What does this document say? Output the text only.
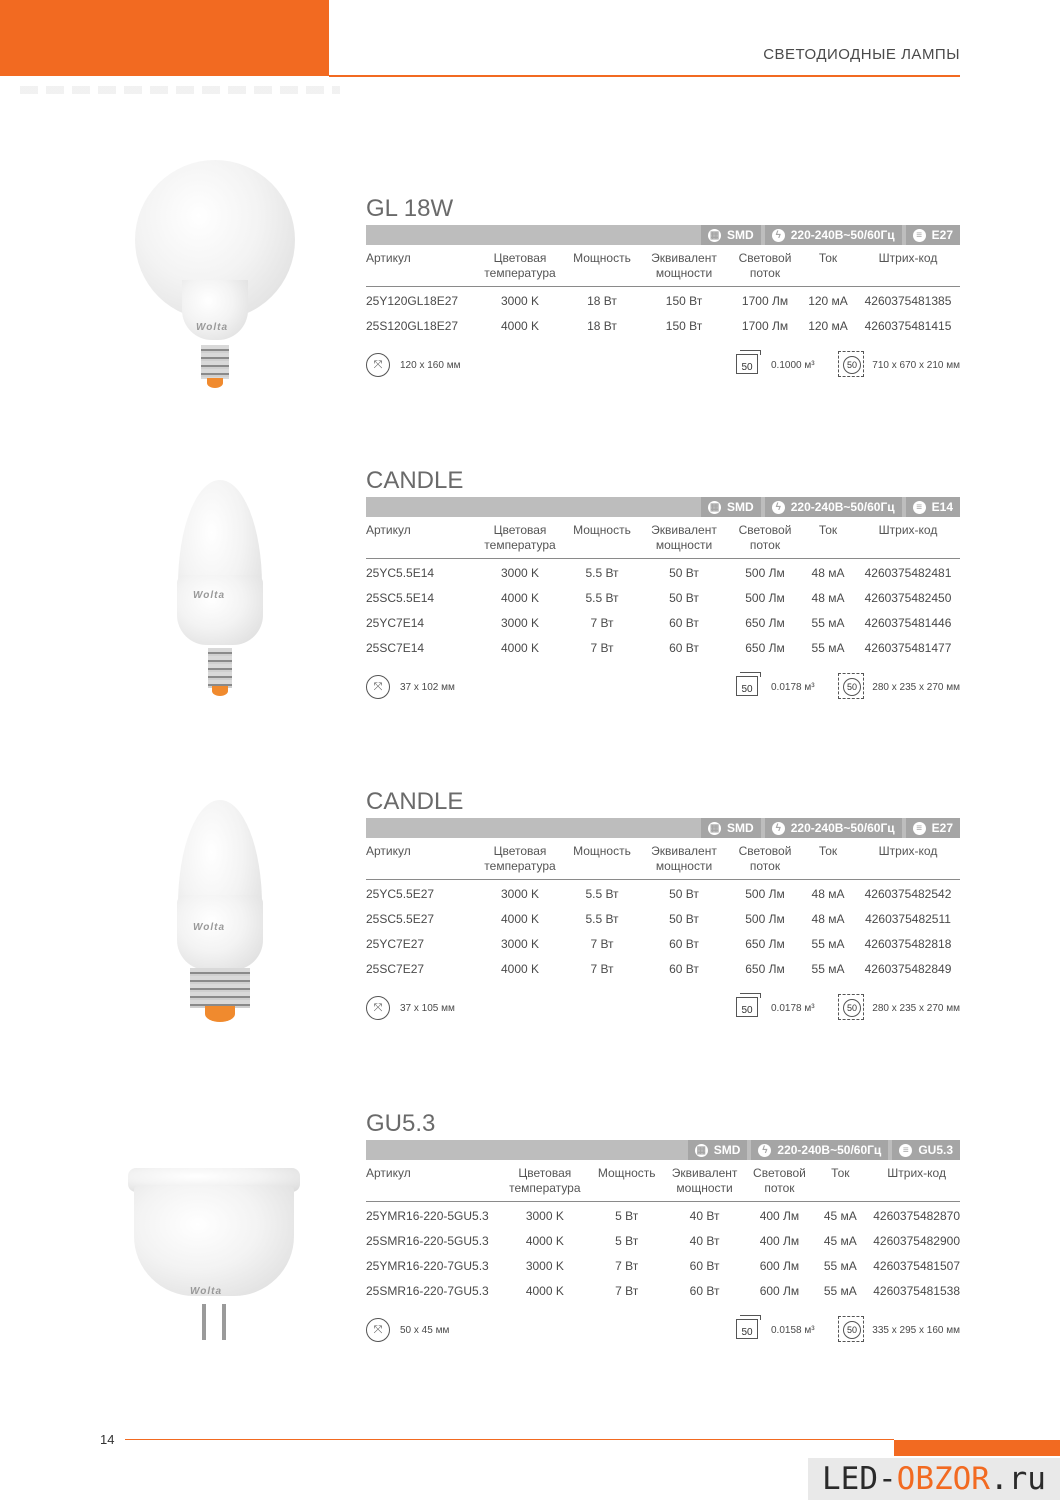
СВЕТОДИОДНЫЕ ЛАМПЫ
Wolta
Wolta
Wolta
Wolta
GL 18W
▦ SMD	ϟ 220-240В~50/60Гц	≡ E27
Артикул	Цветовая температура	Мощность	Эквивалент мощности	Световой поток	Ток	Штрих-код
25Y120GL18E27	3000 K	18 Вт	150 Вт	1700 Лм	120 мА	4260375481385
25S120GL18E27	4000 K	18 Вт	150 Вт	1700 Лм	120 мА	4260375481415
⤧	120 x 160 мм	50	0.1000 м³	50	710 x 670 x 210 мм
CANDLE
▦ SMD	ϟ 220-240В~50/60Гц	≡ E14
Артикул	Цветовая температура	Мощность	Эквивалент мощности	Световой поток	Ток	Штрих-код
25YC5.5E14	3000 K	5.5 Вт	50 Вт	500 Лм	48 мА	4260375482481
25SC5.5E14	4000 K	5.5 Вт	50 Вт	500 Лм	48 мА	4260375482450
25YC7E14	3000 K	7 Вт	60 Вт	650 Лм	55 мА	4260375481446
25SC7E14	4000 K	7 Вт	60 Вт	650 Лм	55 мА	4260375481477
⤧	37 x 102 мм	50	0.0178 м³	50	280 x 235 x 270 мм
CANDLE
▦ SMD	ϟ 220-240В~50/60Гц	≡ E27
Артикул	Цветовая температура	Мощность	Эквивалент мощности	Световой поток	Ток	Штрих-код
25YC5.5E27	3000 K	5.5 Вт	50 Вт	500 Лм	48 мА	4260375482542
25SC5.5E27	4000 K	5.5 Вт	50 Вт	500 Лм	48 мА	4260375482511
25YC7E27	3000 K	7 Вт	60 Вт	650 Лм	55 мА	4260375482818
25SC7E27	4000 K	7 Вт	60 Вт	650 Лм	55 мА	4260375482849
⤧	37 x 105 мм	50	0.0178 м³	50	280 x 235 x 270 мм
GU5.3
▦ SMD	ϟ 220-240В~50/60Гц	≡ GU5.3
Артикул	Цветовая температура	Мощность	Эквивалент мощности	Световой поток	Ток	Штрих-код
25YMR16-220-5GU5.3	3000 K	5 Вт	40 Вт	400 Лм	45 мА	4260375482870
25SMR16-220-5GU5.3	4000 K	5 Вт	40 Вт	400 Лм	45 мА	4260375482900
25YMR16-220-7GU5.3	3000 K	7 Вт	60 Вт	600 Лм	55 мА	4260375481507
25SMR16-220-7GU5.3	4000 K	7 Вт	60 Вт	600 Лм	55 мА	4260375481538
⤧	50 x 45 мм	50	0.0158 м³	50	335 x 295 x 160 мм
14
LED-OBZOR.ru
